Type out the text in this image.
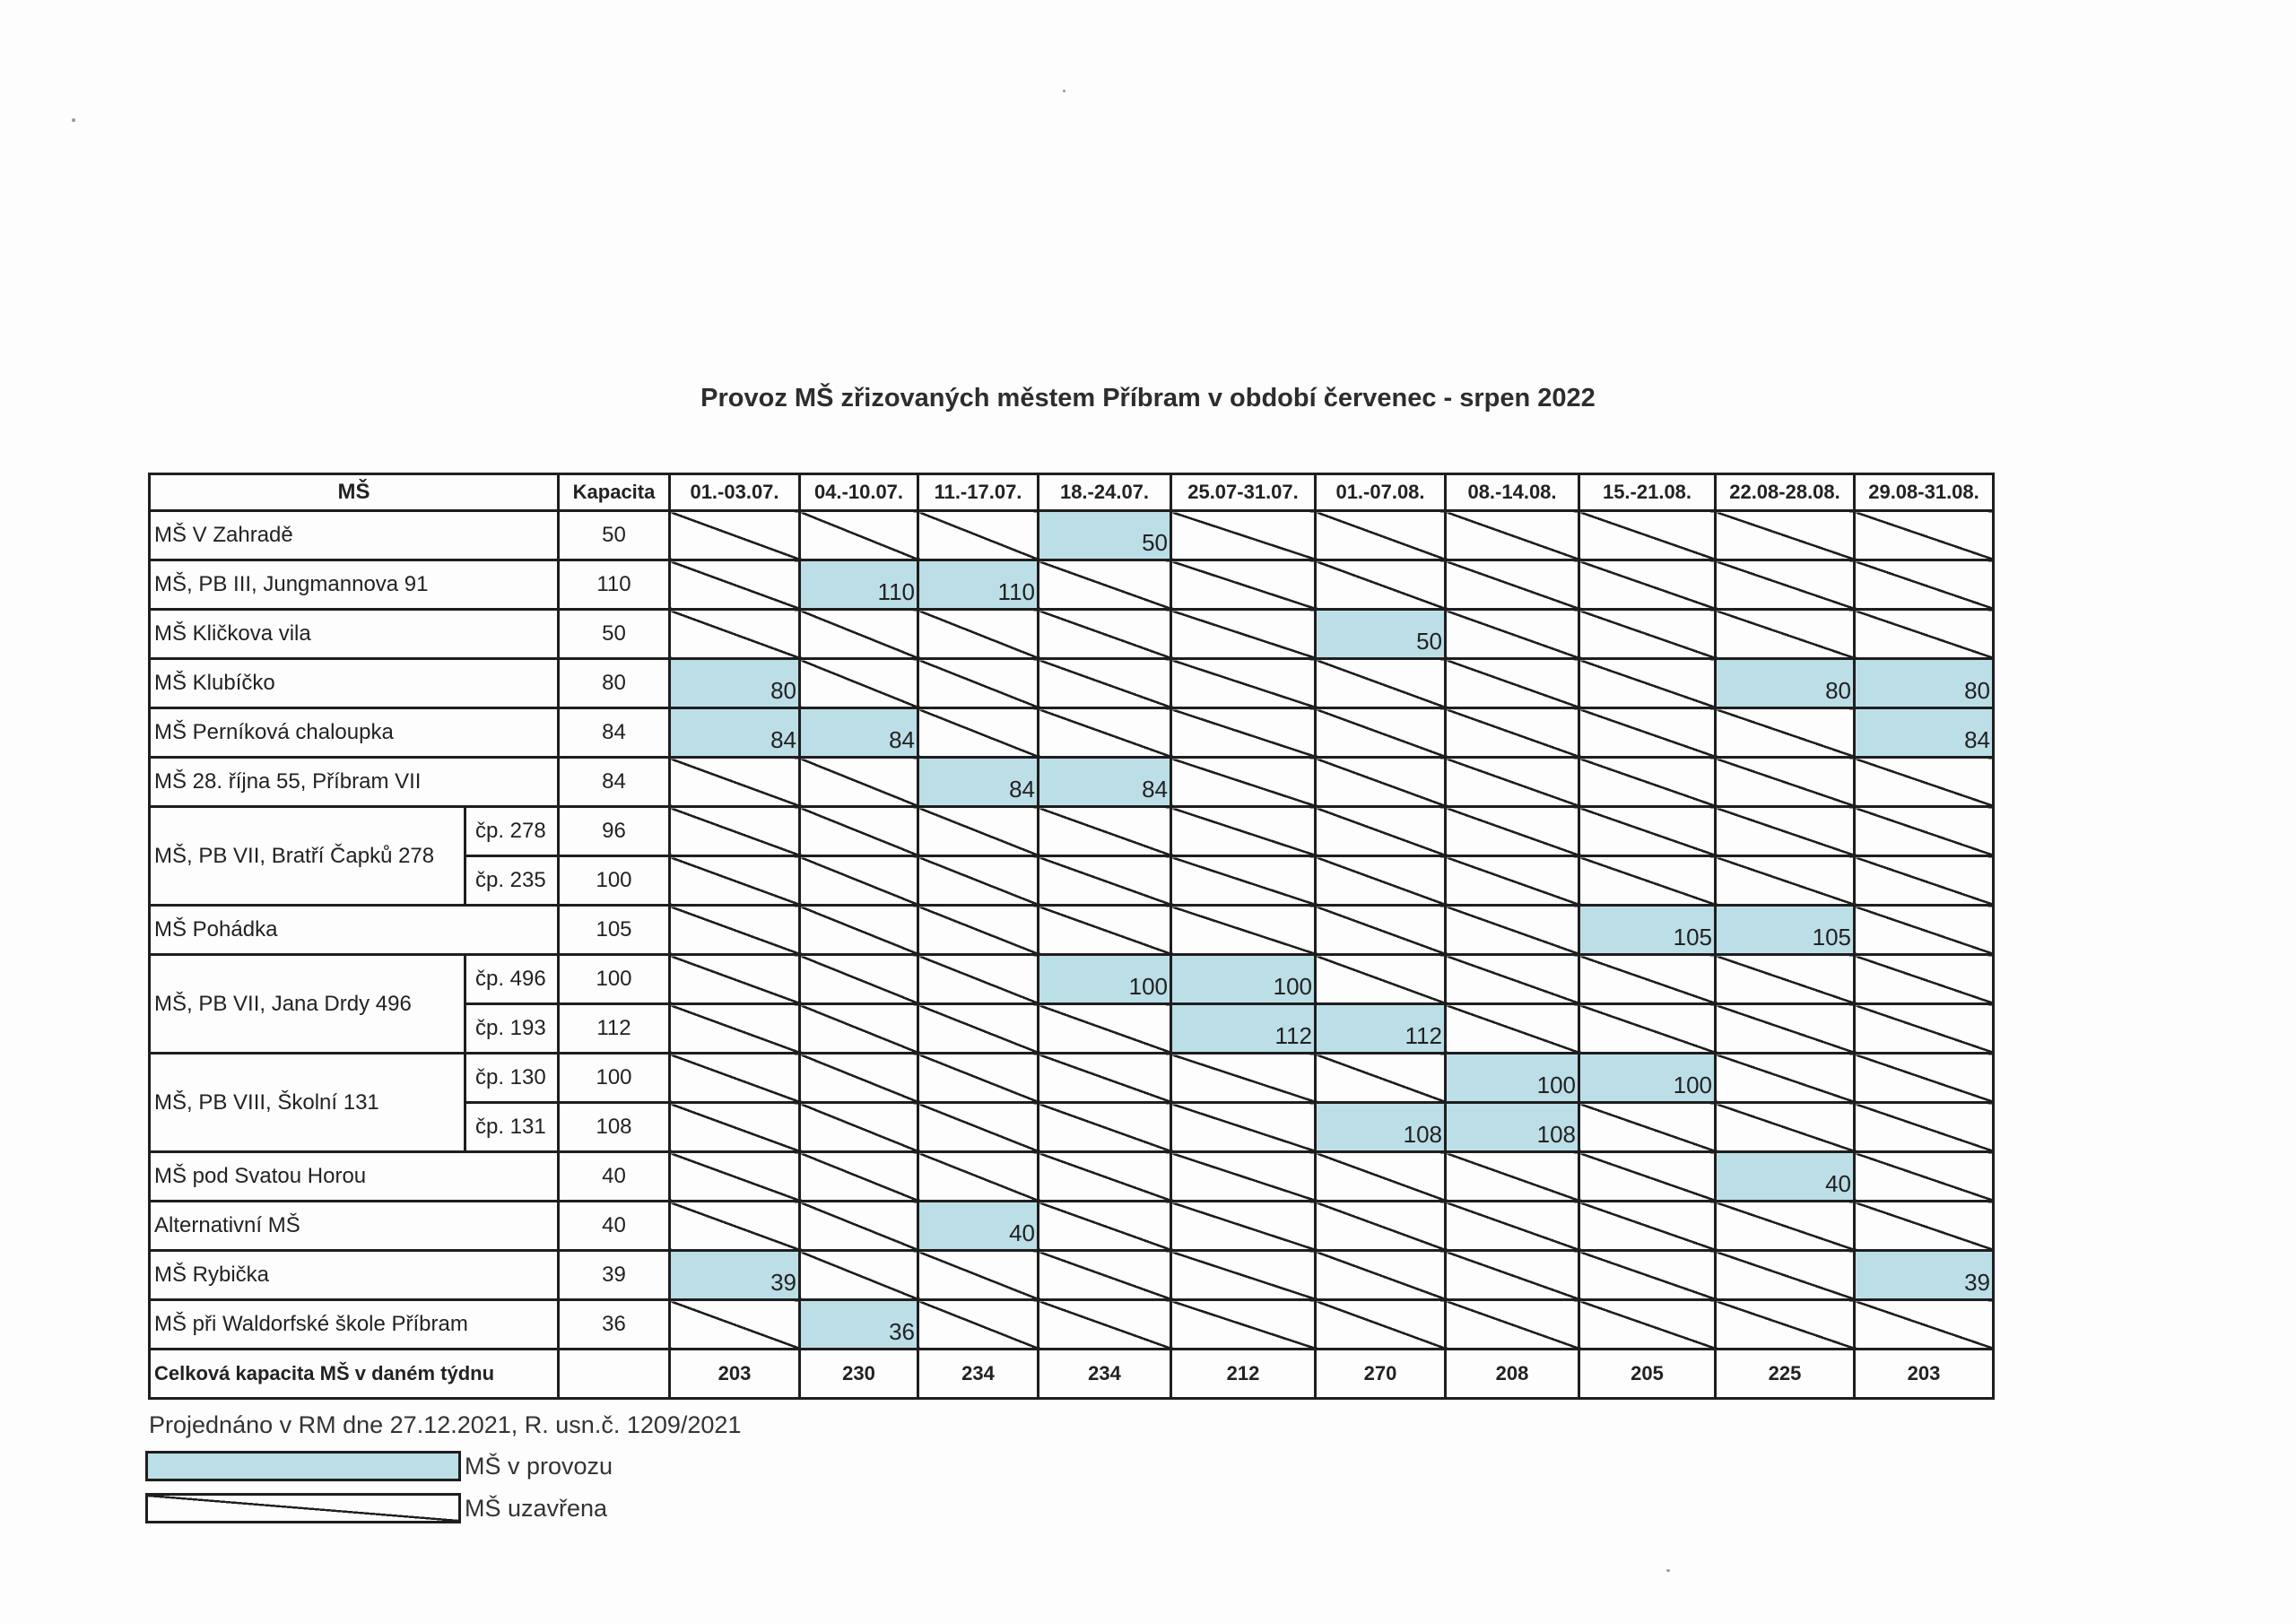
Provoz MŠ zřizovaných městem Příbram v období červenec - srpen 2022
MŠ		Kapacita	01.-03.07.	04.-10.07.	11.-17.07.	18.-24.07.	25.07-31.07.	01.-07.08.	08.-14.08.	15.-21.08.	22.08-28.08.	29.08-31.08.
MŠ V Zahradě		50				50						
MŠ, PB III, Jungmannova 91		110		110	110							
MŠ Kličkova vila		50						50				
MŠ Klubíčko		80	80								80	80
MŠ Perníková chaloupka		84	84	84								84
MŠ 28. října 55, Příbram VII		84			84	84						
MŠ, PB VII, Bratří Čapků 278	čp. 278	96										
	čp. 235	100										
MŠ Pohádka		105								105	105	
MŠ, PB VII, Jana Drdy 496	čp. 496	100				100	100					
	čp. 193	112					112	112				
MŠ, PB VIII, Školní 131	čp. 130	100							100	100		
	čp. 131	108						108	108			
MŠ pod Svatou Horou		40									40	
Alternativní MŠ		40			40							
MŠ Rybička		39	39									39
MŠ při Waldorfské škole Příbram		36		36								
Celková kapacita MŠ v daném týdnu			203	230	234	234	212	270	208	205	225	203
Projednáno v RM dne 27.12.2021, R. usn.č. 1209/2021
MŠ v provozu
MŠ uzavřena
